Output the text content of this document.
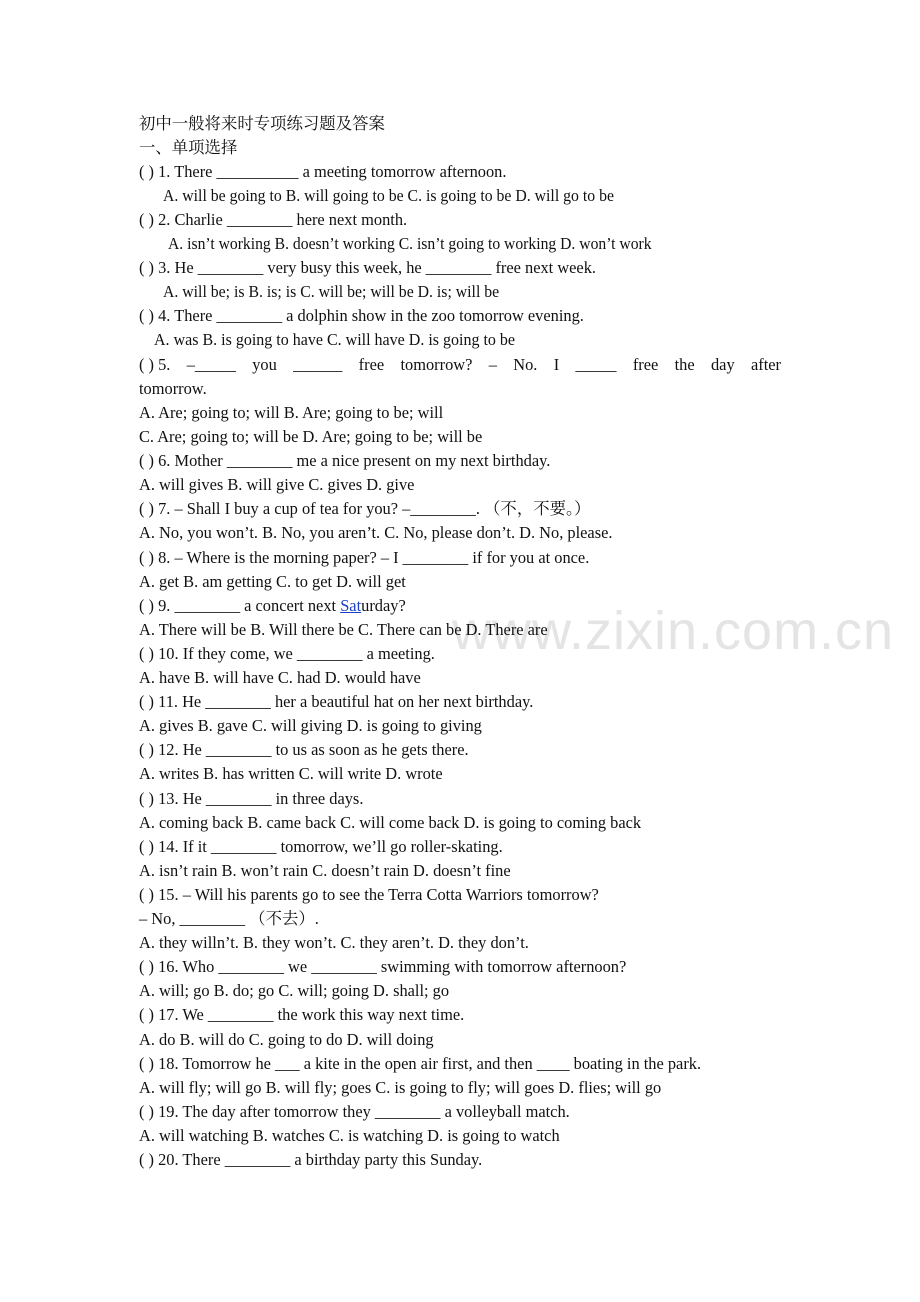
www.zixin.com.cn
初中一般将来时专项练习题及答案
一、单项选择
( ) 1. There __________ a meeting tomorrow afternoon.
A. will be going to B. will going to be C. is going to be D. will go to be
( ) 2. Charlie ________ here next month.
A. isn’t working B. doesn’t working C. isn’t going to working D. won’t work
( ) 3. He ________ very busy this week, he ________ free next week.
A. will be; is B. is; is C. will be; will be D. is; will be
( ) 4. There ________ a dolphin show in the zoo tomorrow evening.
A. was B. is going to have C. will have D. is going to be
( ) 5. –_____ you ______ free tomorrow? – No. I _____ free the day after
tomorrow.
A. Are; going to; will B. Are; going to be; will
C. Are; going to; will be D. Are; going to be; will be
( ) 6. Mother ________ me a nice present on my next birthday.
A. will gives B. will give C. gives D. give
( ) 7. – Shall I buy a cup of tea for you? –________. （不，不要。）
A. No, you won’t. B. No, you aren’t. C. No, please don’t. D. No, please.
( ) 8. – Where is the morning paper? – I ________ if for you at once.
A. get B. am getting C. to get D. will get
( ) 9. ________ a concert next Saturday?
A. There will be B. Will there be C. There can be D. There are
( ) 10. If they come, we ________ a meeting.
A. have B. will have C. had D. would have
( ) 11. He ________ her a beautiful hat on her next birthday.
A. gives B. gave C. will giving D. is going to giving
( ) 12. He ________ to us as soon as he gets there.
A. writes B. has written C. will write D. wrote
( ) 13. He ________ in three days.
A. coming back B. came back C. will come back D. is going to coming back
( ) 14. If it ________ tomorrow, we’ll go roller-skating.
A. isn’t rain B. won’t rain C. doesn’t rain D. doesn’t fine
( ) 15. – Will his parents go to see the Terra Cotta Warriors tomorrow?
– No, ________ （不去）.
A. they willn’t. B. they won’t. C. they aren’t. D. they don’t.
( ) 16. Who ________ we ________ swimming with tomorrow afternoon?
A. will; go B. do; go C. will; going D. shall; go
( ) 17. We ________ the work this way next time.
A. do B. will do C. going to do D. will doing
( ) 18. Tomorrow he ___ a kite in the open air first, and then ____ boating in the park.
A. will fly; will go B. will fly; goes C. is going to fly; will goes D. flies; will go
( ) 19. The day after tomorrow they ________ a volleyball match.
A. will watching B. watches C. is watching D. is going to watch
( ) 20. There ________ a birthday party this Sunday.
